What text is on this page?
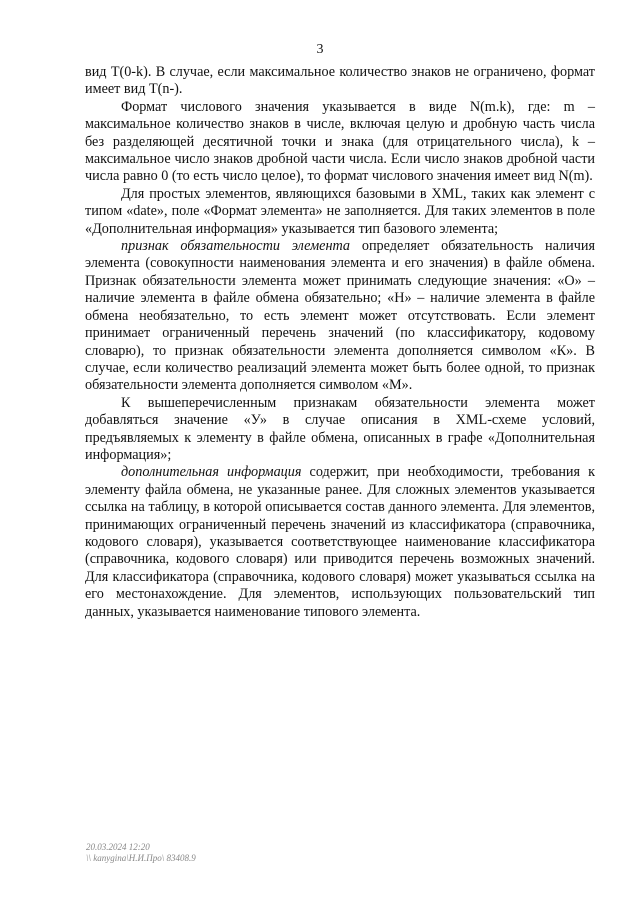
3

вид T(0-k). В случае, если максимальное количество знаков не ограничено, формат имеет вид T(n-).

Формат числового значения указывается в виде N(m.k), где: m – максимальное количество знаков в числе, включая целую и дробную часть числа без разделяющей десятичной точки и знака (для отрицательного числа), k – максимальное число знаков дробной части числа. Если число знаков дробной части числа равно 0 (то есть число целое), то формат числового значения имеет вид N(m).

Для простых элементов, являющихся базовыми в XML, таких как элемент с типом «date», поле «Формат элемента» не заполняется. Для таких элементов в поле «Дополнительная информация» указывается тип базового элемента;

признак обязательности элемента определяет обязательность наличия элемента (совокупности наименования элемента и его значения) в файле обмена. Признак обязательности элемента может принимать следующие значения: «О» – наличие элемента в файле обмена обязательно; «Н» – наличие элемента в файле обмена необязательно, то есть элемент может отсутствовать. Если элемент принимает ограниченный перечень значений (по классификатору, кодовому словарю), то признак обязательности элемента дополняется символом «К». В случае, если количество реализаций элемента может быть более одной, то признак обязательности элемента дополняется символом «М».

К вышеперечисленным признакам обязательности элемента может добавляться значение «У» в случае описания в XML-схеме условий, предъявляемых к элементу в файле обмена, описанных в графе «Дополнительная информация»;

дополнительная информация содержит, при необходимости, требования к элементу файла обмена, не указанные ранее. Для сложных элементов указывается ссылка на таблицу, в которой описывается состав данного элемента. Для элементов, принимающих ограниченный перечень значений из классификатора (справочника, кодового словаря), указывается соответствующее наименование классификатора (справочника, кодового словаря) или приводится перечень возможных значений. Для классификатора (справочника, кодового словаря) может указываться ссылка на его местонахождение. Для элементов, использующих пользовательский тип данных, указывается наименование типового элемента.

20.03.2024 12:20
\\ kanygina\Н.И.Про\ 83408.9
